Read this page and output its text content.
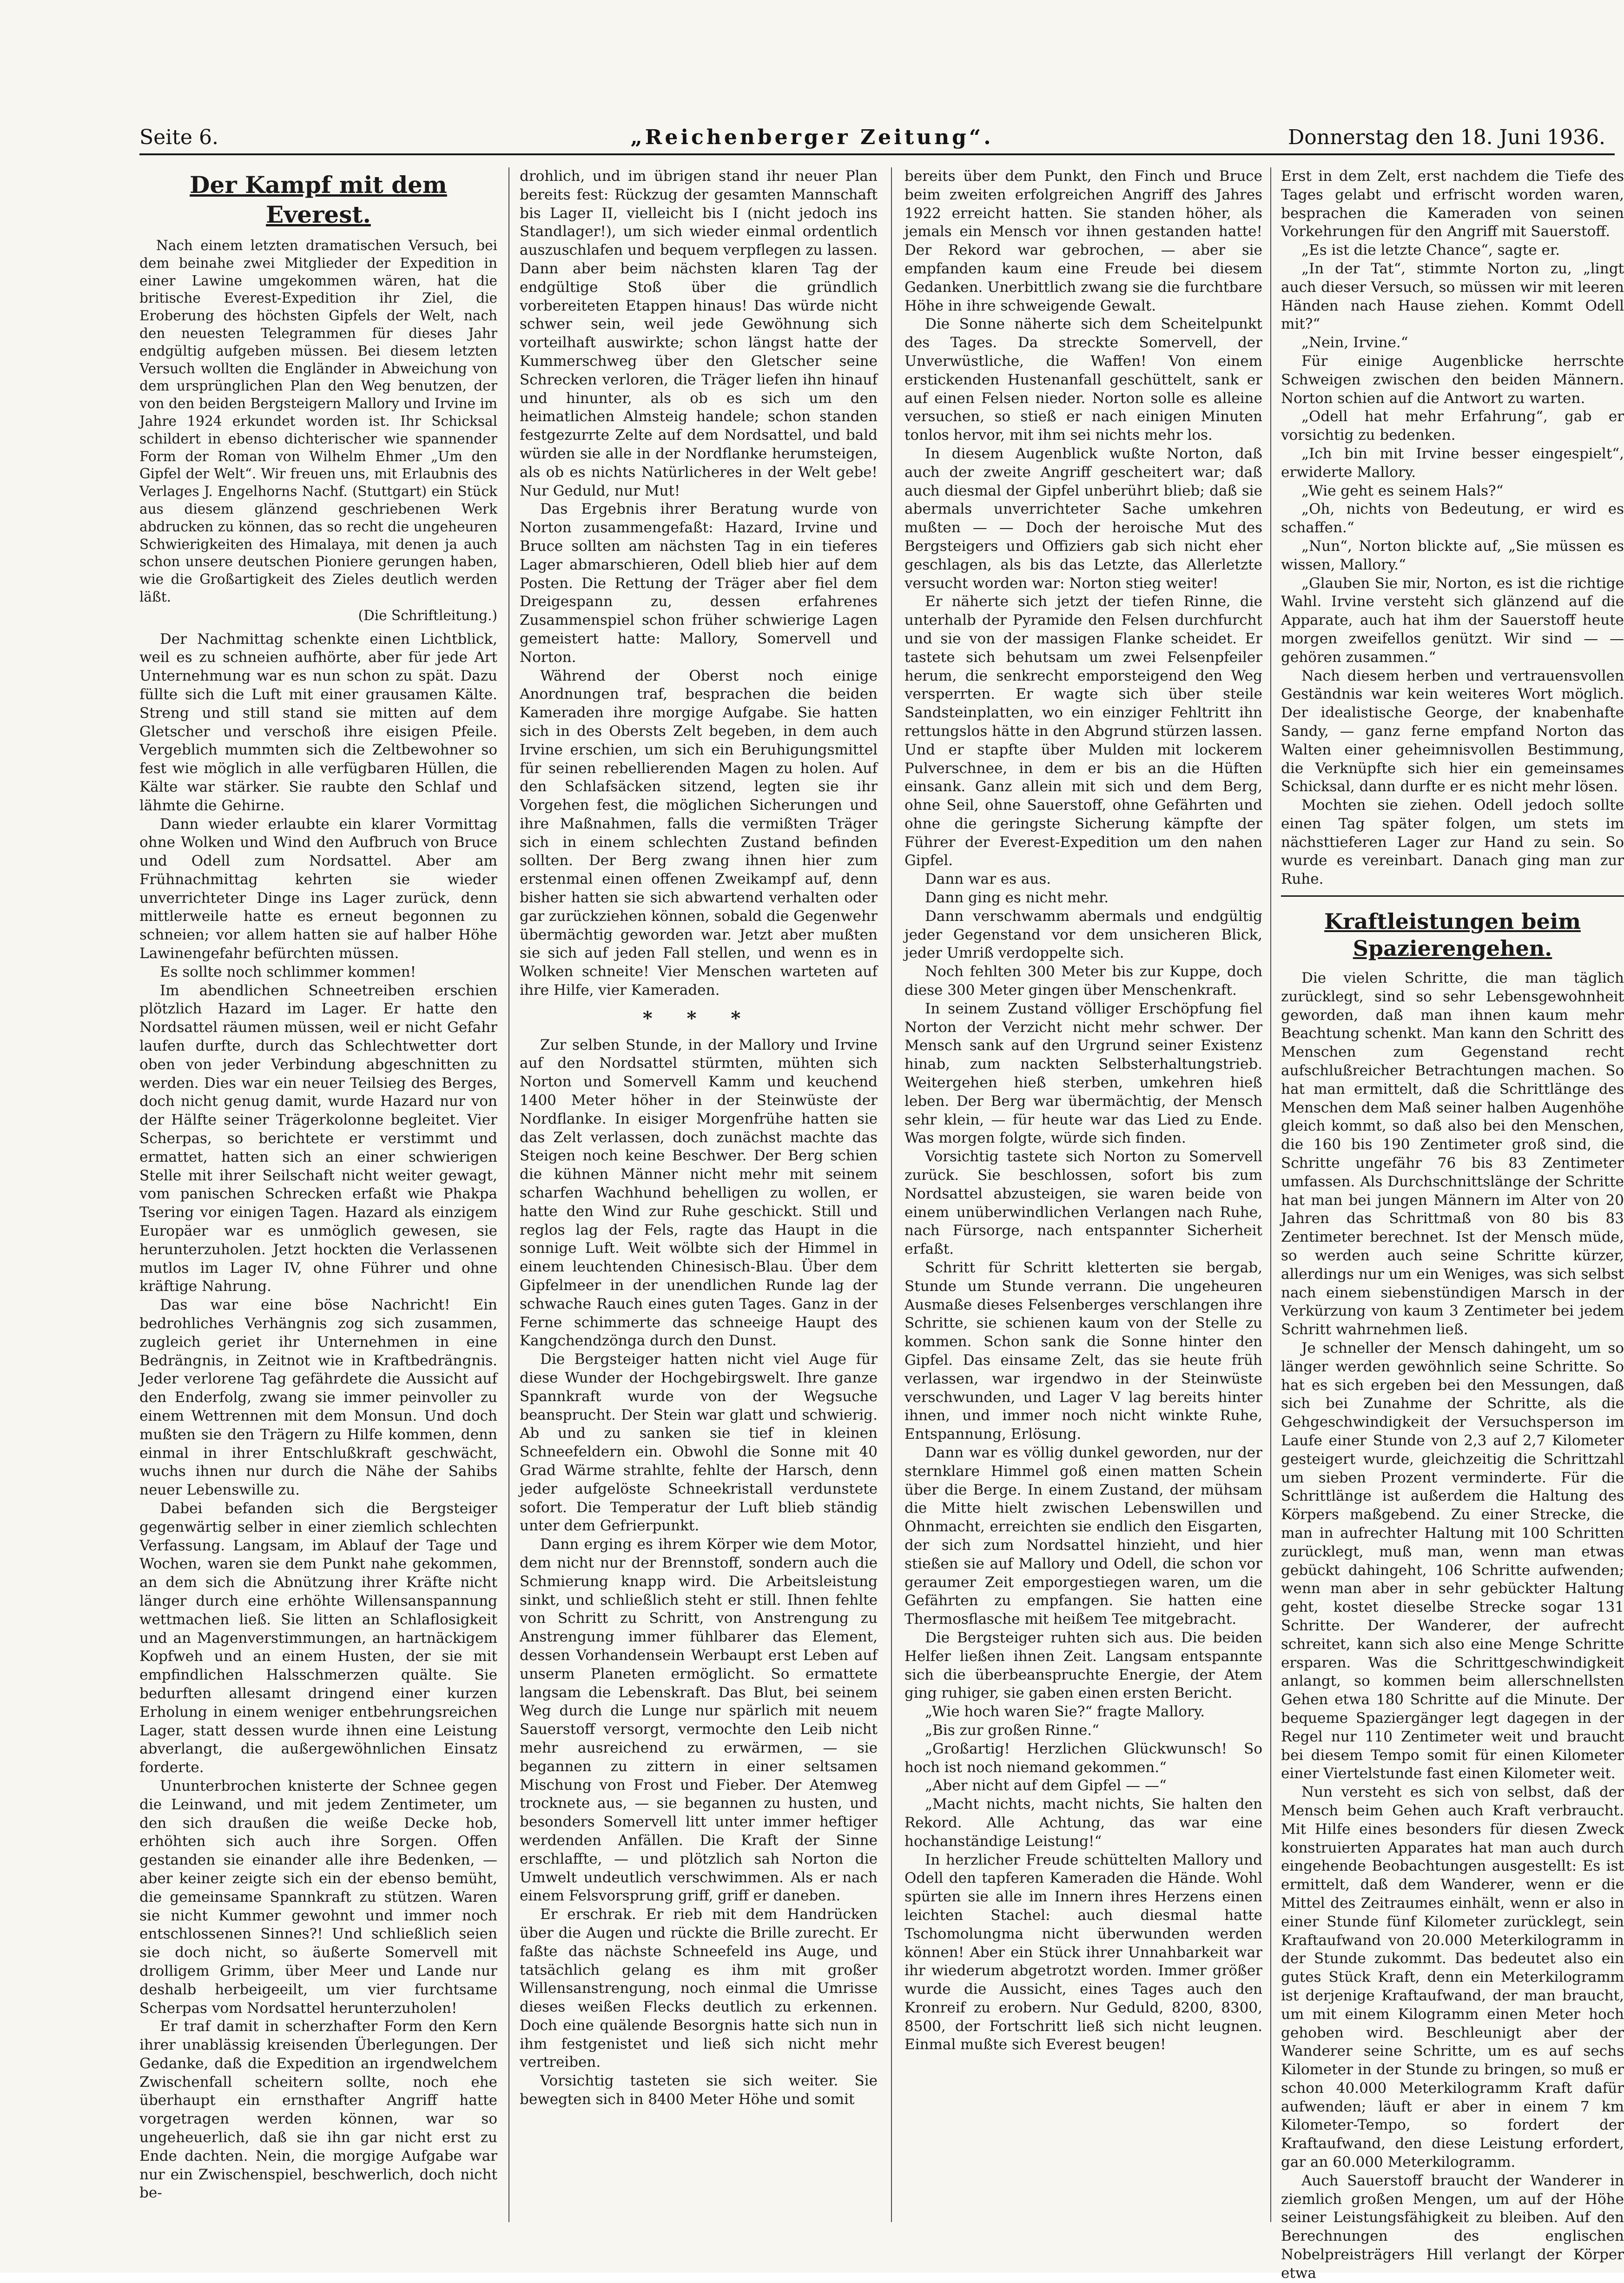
Seite 6.	„Reichenberger Zeitung“.	Donnerstag den 18. Juni 1936.
Der Kampf mit dem Everest.

Nach einem letzten dramatischen Versuch, bei dem beinahe zwei Mitglieder der Expedition in einer Lawine umgekommen wären, hat die britische Everest-Expedition ihr Ziel, die Eroberung des höchsten Gipfels der Welt, nach den neuesten Telegrammen für dieses Jahr endgültig aufgeben müssen. Bei diesem letzten Versuch wollten die Engländer in Abweichung von dem ursprünglichen Plan den Weg benutzen, der von den beiden Bergsteigern Mallory und Irvine im Jahre 1924 erkundet worden ist. Ihr Schicksal schildert in ebenso dichterischer wie spannender Form der Roman von Wilhelm Ehmer „Um den Gipfel der Welt“. Wir freuen uns, mit Erlaubnis des Verlages J. Engelhorns Nachf. (Stuttgart) ein Stück aus diesem glänzend geschriebenen Werk abdrucken zu können, das so recht die ungeheuren Schwierigkeiten des Himalaya, mit denen ja auch schon unsere deutschen Pioniere gerungen haben, wie die Großartigkeit des Zieles deutlich werden läßt.

(Die Schriftleitung.)

Der Nachmittag schenkte einen Lichtblick, weil es zu schneien aufhörte, aber für jede Art Unternehmung war es nun schon zu spät. Dazu füllte sich die Luft mit einer grausamen Kälte. Streng und still stand sie mitten auf dem Gletscher und verschoß ihre eisigen Pfeile. Vergeblich mummten sich die Zeltbewohner so fest wie möglich in alle verfügbaren Hüllen, die Kälte war stärker. Sie raubte den Schlaf und lähmte die Gehirne.

Dann wieder erlaubte ein klarer Vormittag ohne Wolken und Wind den Aufbruch von Bruce und Odell zum Nordsattel. Aber am Frühnachmittag kehrten sie wieder unverrichteter Dinge ins Lager zurück, denn mittlerweile hatte es erneut begonnen zu schneien; vor allem hatten sie auf halber Höhe Lawinengefahr befürchten müssen.

Es sollte noch schlimmer kommen!

Im abendlichen Schneetreiben erschien plötzlich Hazard im Lager. Er hatte den Nordsattel räumen müssen, weil er nicht Gefahr laufen durfte, durch das Schlechtwetter dort oben von jeder Verbindung abgeschnitten zu werden. Dies war ein neuer Teilsieg des Berges, doch nicht genug damit, wurde Hazard nur von der Hälfte seiner Trägerkolonne begleitet. Vier Scherpas, so berichtete er verstimmt und ermattet, hatten sich an einer schwierigen Stelle mit ihrer Seilschaft nicht weiter gewagt, vom panischen Schrecken erfaßt wie Phakpa Tsering vor einigen Tagen. Hazard als einzigem Europäer war es unmöglich gewesen, sie herunterzuholen. Jetzt hockten die Verlassenen mutlos im Lager IV, ohne Führer und ohne kräftige Nahrung.

Das war eine böse Nachricht! Ein bedrohliches Verhängnis zog sich zusammen, zugleich geriet ihr Unternehmen in eine Bedrängnis, in Zeitnot wie in Kraftbedrängnis. Jeder verlorene Tag gefährdete die Aussicht auf den Enderfolg, zwang sie immer peinvoller zu einem Wettrennen mit dem Monsun. Und doch mußten sie den Trägern zu Hilfe kommen, denn einmal in ihrer Entschlußkraft geschwächt, wuchs ihnen nur durch die Nähe der Sahibs neuer Lebenswille zu.

Dabei befanden sich die Bergsteiger gegenwärtig selber in einer ziemlich schlechten Verfassung. Langsam, im Ablauf der Tage und Wochen, waren sie dem Punkt nahe gekommen, an dem sich die Abnützung ihrer Kräfte nicht länger durch eine erhöhte Willensanspannung wettmachen ließ. Sie litten an Schlaflosigkeit und an Magenverstimmungen, an hartnäckigem Kopfweh und an einem Husten, der sie mit empfindlichen Halsschmerzen quälte. Sie bedurften allesamt dringend einer kurzen Erholung in einem weniger entbehrungsreichen Lager, statt dessen wurde ihnen eine Leistung abverlangt, die außergewöhnlichen Einsatz forderte.

Ununterbrochen knisterte der Schnee gegen die Leinwand, und mit jedem Zentimeter, um den sich draußen die weiße Decke hob, erhöhten sich auch ihre Sorgen. Offen gestanden sie einander alle ihre Bedenken, — aber keiner zeigte sich ein der ebenso bemüht, die gemeinsame Spannkraft zu stützen. Waren sie nicht Kummer gewohnt und immer noch entschlossenen Sinnes?! Und schließlich seien sie doch nicht, so äußerte Somervell mit drolligem Grimm, über Meer und Lande nur deshalb herbeigeeilt, um vier furchtsame Scherpas vom Nordsattel herunterzuholen!

Er traf damit in scherzhafter Form den Kern ihrer unablässig kreisenden Überlegungen. Der Gedanke, daß die Expedition an irgendwelchem Zwischenfall scheitern sollte, noch ehe überhaupt ein ernsthafter Angriff hatte vorgetragen werden können, war so ungeheuerlich, daß sie ihn gar nicht erst zu Ende dachten. Nein, die morgige Aufgabe war nur ein Zwischenspiel, beschwerlich, doch nicht be-

drohlich, und im übrigen stand ihr neuer Plan bereits fest: Rückzug der gesamten Mannschaft bis Lager II, vielleicht bis I (nicht jedoch ins Standlager!), um sich wieder einmal ordentlich auszuschlafen und bequem verpflegen zu lassen. Dann aber beim nächsten klaren Tag der endgültige Stoß über die gründlich vorbereiteten Etappen hinaus! Das würde nicht schwer sein, weil jede Gewöhnung sich vorteilhaft auswirkte; schon längst hatte der Kummerschweg über den Gletscher seine Schrecken verloren, die Träger liefen ihn hinauf und hinunter, als ob es sich um den heimatlichen Almsteig handele; schon standen festgezurrte Zelte auf dem Nordsattel, und bald würden sie alle in der Nordflanke herumsteigen, als ob es nichts Natürlicheres in der Welt gebe! Nur Geduld, nur Mut!

Das Ergebnis ihrer Beratung wurde von Norton zusammengefaßt: Hazard, Irvine und Bruce sollten am nächsten Tag in ein tieferes Lager abmarschieren, Odell blieb hier auf dem Posten. Die Rettung der Träger aber fiel dem Dreigespann zu, dessen erfahrenes Zusammenspiel schon früher schwierige Lagen gemeistert hatte: Mallory, Somervell und Norton.

Während der Oberst noch einige Anordnungen traf, besprachen die beiden Kameraden ihre morgige Aufgabe. Sie hatten sich in des Obersts Zelt begeben, in dem auch Irvine erschien, um sich ein Beruhigungsmittel für seinen rebellierenden Magen zu holen. Auf den Schlafsäcken sitzend, legten sie ihr Vorgehen fest, die möglichen Sicherungen und ihre Maßnahmen, falls die vermißten Träger sich in einem schlechten Zustand befinden sollten. Der Berg zwang ihnen hier zum erstenmal einen offenen Zweikampf auf, denn bisher hatten sie sich abwartend verhalten oder gar zurückziehen können, sobald die Gegenwehr übermächtig geworden war. Jetzt aber mußten sie sich auf jeden Fall stellen, und wenn es in Wolken schneite! Vier Menschen warteten auf ihre Hilfe, vier Kameraden.

* * *

Zur selben Stunde, in der Mallory und Irvine auf den Nordsattel stürmten, mühten sich Norton und Somervell Kamm und keuchend 1400 Meter höher in der Steinwüste der Nordflanke. In eisiger Morgenfrühe hatten sie das Zelt verlassen, doch zunächst machte das Steigen noch keine Beschwer. Der Berg schien die kühnen Männer nicht mehr mit seinem scharfen Wachhund behelligen zu wollen, er hatte den Wind zur Ruhe geschickt. Still und reglos lag der Fels, ragte das Haupt in die sonnige Luft. Weit wölbte sich der Himmel in einem leuchtenden Chinesisch-Blau. Über dem Gipfelmeer in der unendlichen Runde lag der schwache Rauch eines guten Tages. Ganz in der Ferne schimmerte das schneeige Haupt des Kangchendzönga durch den Dunst.

Die Bergsteiger hatten nicht viel Auge für diese Wunder der Hochgebirgswelt. Ihre ganze Spannkraft wurde von der Wegsuche beansprucht. Der Stein war glatt und schwierig. Ab und zu sanken sie tief in kleinen Schneefeldern ein. Obwohl die Sonne mit 40 Grad Wärme strahlte, fehlte der Harsch, denn jeder aufgelöste Schneekristall verdunstete sofort. Die Temperatur der Luft blieb ständig unter dem Gefrierpunkt.

Dann erging es ihrem Körper wie dem Motor, dem nicht nur der Brennstoff, sondern auch die Schmierung knapp wird. Die Arbeitsleistung sinkt, und schließlich steht er still. Ihnen fehlte von Schritt zu Schritt, von Anstrengung zu Anstrengung immer fühlbarer das Element, dessen Vorhandensein Werbaupt erst Leben auf unserm Planeten ermöglicht. So ermattete langsam die Lebenskraft. Das Blut, bei seinem Weg durch die Lunge nur spärlich mit neuem Sauerstoff versorgt, vermochte den Leib nicht mehr ausreichend zu erwärmen, — sie begannen zu zittern in einer seltsamen Mischung von Frost und Fieber. Der Atemweg trocknete aus, — sie begannen zu husten, und besonders Somervell litt unter immer heftiger werdenden Anfällen. Die Kraft der Sinne erschlaffte, — und plötzlich sah Norton die Umwelt undeutlich verschwimmen. Als er nach einem Felsvorsprung griff, griff er daneben.

Er erschrak. Er rieb mit dem Handrücken über die Augen und rückte die Brille zurecht. Er faßte das nächste Schneefeld ins Auge, und tatsächlich gelang es ihm mit großer Willensanstrengung, noch einmal die Umrisse dieses weißen Flecks deutlich zu erkennen. Doch eine quälende Besorgnis hatte sich nun in ihm festgenistet und ließ sich nicht mehr vertreiben.

Vorsichtig tasteten sie sich weiter. Sie bewegten sich in 8400 Meter Höhe und somit

bereits über dem Punkt, den Finch und Bruce beim zweiten erfolgreichen Angriff des Jahres 1922 erreicht hatten. Sie standen höher, als jemals ein Mensch vor ihnen gestanden hatte! Der Rekord war gebrochen, — aber sie empfanden kaum eine Freude bei diesem Gedanken. Unerbittlich zwang sie die furchtbare Höhe in ihre schweigende Gewalt.

Die Sonne näherte sich dem Scheitelpunkt des Tages. Da streckte Somervell, der Unverwüstliche, die Waffen! Von einem erstickenden Hustenanfall geschüttelt, sank er auf einen Felsen nieder. Norton solle es alleine versuchen, so stieß er nach einigen Minuten tonlos hervor, mit ihm sei nichts mehr los.

In diesem Augenblick wußte Norton, daß auch der zweite Angriff gescheitert war; daß auch diesmal der Gipfel unberührt blieb; daß sie abermals unverrichteter Sache umkehren mußten — — Doch der heroische Mut des Bergsteigers und Offiziers gab sich nicht eher geschlagen, als bis das Letzte, das Allerletzte versucht worden war: Norton stieg weiter!

Er näherte sich jetzt der tiefen Rinne, die unterhalb der Pyramide den Felsen durchfurcht und sie von der massigen Flanke scheidet. Er tastete sich behutsam um zwei Felsenpfeiler herum, die senkrecht emporsteigend den Weg versperrten. Er wagte sich über steile Sandsteinplatten, wo ein einziger Fehltritt ihn rettungslos hätte in den Abgrund stürzen lassen. Und er stapfte über Mulden mit lockerem Pulverschnee, in dem er bis an die Hüften einsank. Ganz allein mit sich und dem Berg, ohne Seil, ohne Sauerstoff, ohne Gefährten und ohne die geringste Sicherung kämpfte der Führer der Everest-Expedition um den nahen Gipfel.

Dann war es aus.

Dann ging es nicht mehr.

Dann verschwamm abermals und endgültig jeder Gegenstand vor dem unsicheren Blick, jeder Umriß verdoppelte sich.

Noch fehlten 300 Meter bis zur Kuppe, doch diese 300 Meter gingen über Menschenkraft.

In seinem Zustand völliger Erschöpfung fiel Norton der Verzicht nicht mehr schwer. Der Mensch sank auf den Urgrund seiner Existenz hinab, zum nackten Selbsterhaltungstrieb. Weitergehen hieß sterben, umkehren hieß leben. Der Berg war übermächtig, der Mensch sehr klein, — für heute war das Lied zu Ende. Was morgen folgte, würde sich finden.

Vorsichtig tastete sich Norton zu Somervell zurück. Sie beschlossen, sofort bis zum Nordsattel abzusteigen, sie waren beide von einem unüberwindlichen Verlangen nach Ruhe, nach Fürsorge, nach entspannter Sicherheit erfaßt.

Schritt für Schritt kletterten sie bergab, Stunde um Stunde verrann. Die ungeheuren Ausmaße dieses Felsenberges verschlangen ihre Schritte, sie schienen kaum von der Stelle zu kommen. Schon sank die Sonne hinter den Gipfel. Das einsame Zelt, das sie heute früh verlassen, war irgendwo in der Steinwüste verschwunden, und Lager V lag bereits hinter ihnen, und immer noch nicht winkte Ruhe, Entspannung, Erlösung.

Dann war es völlig dunkel geworden, nur der sternklare Himmel goß einen matten Schein über die Berge. In einem Zustand, der mühsam die Mitte hielt zwischen Lebenswillen und Ohnmacht, erreichten sie endlich den Eisgarten, der sich zum Nordsattel hinzieht, und hier stießen sie auf Mallory und Odell, die schon vor geraumer Zeit emporgestiegen waren, um die Gefährten zu empfangen. Sie hatten eine Thermosflasche mit heißem Tee mitgebracht.

Die Bergsteiger ruhten sich aus. Die beiden Helfer ließen ihnen Zeit. Langsam entspannte sich die überbeanspruchte Energie, der Atem ging ruhiger, sie gaben einen ersten Bericht.

„Wie hoch waren Sie?“ fragte Mallory.

„Bis zur großen Rinne.“

„Großartig! Herzlichen Glückwunsch! So hoch ist noch niemand gekommen.“

„Aber nicht auf dem Gipfel — —“

„Macht nichts, macht nichts, Sie halten den Rekord. Alle Achtung, das war eine hochanständige Leistung!“

In herzlicher Freude schüttelten Mallory und Odell den tapferen Kameraden die Hände. Wohl spürten sie alle im Innern ihres Herzens einen leichten Stachel: auch diesmal hatte Tschomolungma nicht überwunden werden können! Aber ein Stück ihrer Unnahbarkeit war ihr wiederum abgetrotzt worden. Immer größer wurde die Aussicht, eines Tages auch den Kronreif zu erobern. Nur Geduld, 8200, 8300, 8500, der Fortschritt ließ sich nicht leugnen. Einmal mußte sich Everest beugen!

Erst in dem Zelt, erst nachdem die Tiefe des Tages gelabt und erfrischt worden waren, besprachen die Kameraden von seinen Vorkehrungen für den Angriff mit Sauerstoff.

„Es ist die letzte Chance“, sagte er.

„In der Tat“, stimmte Norton zu, „lingt auch dieser Versuch, so müssen wir mit leeren Händen nach Hause ziehen. Kommt Odell mit?“

„Nein, Irvine.“

Für einige Augenblicke herrschte Schweigen zwischen den beiden Männern. Norton schien auf die Antwort zu warten.

„Odell hat mehr Erfahrung“, gab er vorsichtig zu bedenken.

„Ich bin mit Irvine besser eingespielt“, erwiderte Mallory.

„Wie geht es seinem Hals?“

„Oh, nichts von Bedeutung, er wird es schaffen.“

„Nun“, Norton blickte auf, „Sie müssen es wissen, Mallory.“

„Glauben Sie mir, Norton, es ist die richtige Wahl. Irvine versteht sich glänzend auf die Apparate, auch hat ihm der Sauerstoff heute morgen zweifellos genützt. Wir sind — — gehören zusammen.“

Nach diesem herben und vertrauensvollen Geständnis war kein weiteres Wort möglich. Der idealistische George, der knabenhafte Sandy, — ganz ferne empfand Norton das Walten einer geheimnisvollen Bestimmung, die Verknüpfte sich hier ein gemeinsames Schicksal, dann durfte er es nicht mehr lösen.

Mochten sie ziehen. Odell jedoch sollte einen Tag später folgen, um stets im nächsttieferen Lager zur Hand zu sein. So wurde es vereinbart. Danach ging man zur Ruhe.

Kraftleistungen beim Spazierengehen.

Die vielen Schritte, die man täglich zurücklegt, sind so sehr Lebensgewohnheit geworden, daß man ihnen kaum mehr Beachtung schenkt. Man kann den Schritt des Menschen zum Gegenstand recht aufschlußreicher Betrachtungen machen. So hat man ermittelt, daß die Schrittlänge des Menschen dem Maß seiner halben Augenhöhe gleich kommt, so daß also bei den Menschen, die 160 bis 190 Zentimeter groß sind, die Schritte ungefähr 76 bis 83 Zentimeter umfassen. Als Durchschnittslänge der Schritte hat man bei jungen Männern im Alter von 20 Jahren das Schrittmaß von 80 bis 83 Zentimeter berechnet. Ist der Mensch müde, so werden auch seine Schritte kürzer, allerdings nur um ein Weniges, was sich selbst nach einem siebenstündigen Marsch in der Verkürzung von kaum 3 Zentimeter bei jedem Schritt wahrnehmen ließ.

Je schneller der Mensch dahingeht, um so länger werden gewöhnlich seine Schritte. So hat es sich ergeben bei den Messungen, daß sich bei Zunahme der Schritte, als die Gehgeschwindigkeit der Versuchsperson im Laufe einer Stunde von 2,3 auf 2,7 Kilometer gesteigert wurde, gleichzeitig die Schrittzahl um sieben Prozent verminderte. Für die Schrittlänge ist außerdem die Haltung des Körpers maßgebend. Zu einer Strecke, die man in aufrechter Haltung mit 100 Schritten zurücklegt, muß man, wenn man etwas gebückt dahingeht, 106 Schritte aufwenden; wenn man aber in sehr gebückter Haltung geht, kostet dieselbe Strecke sogar 131 Schritte. Der Wanderer, der aufrecht schreitet, kann sich also eine Menge Schritte ersparen. Was die Schrittgeschwindigkeit anlangt, so kommen beim allerschnellsten Gehen etwa 180 Schritte auf die Minute. Der bequeme Spaziergänger legt dagegen in der Regel nur 110 Zentimeter weit und braucht bei diesem Tempo somit für einen Kilometer einer Viertelstunde fast einen Kilometer weit.

Nun versteht es sich von selbst, daß der Mensch beim Gehen auch Kraft verbraucht. Mit Hilfe eines besonders für diesen Zweck konstruierten Apparates hat man auch durch eingehende Beobachtungen ausgestellt: Es ist ermittelt, daß dem Wanderer, wenn er die Mittel des Zeitraumes einhält, wenn er also in einer Stunde fünf Kilometer zurücklegt, sein Kraftaufwand von 20.000 Meterkilogramm in der Stunde zukommt. Das bedeutet also ein gutes Stück Kraft, denn ein Meterkilogramm ist derjenige Kraftaufwand, der man braucht, um mit einem Kilogramm einen Meter hoch gehoben wird. Beschleunigt aber der Wanderer seine Schritte, um es auf sechs Kilometer in der Stunde zu bringen, so muß er schon 40.000 Meterkilogramm Kraft dafür aufwenden; läuft er aber in einem 7 km Kilometer-Tempo, so fordert der Kraftaufwand, den diese Leistung erfordert, gar an 60.000 Meterkilogramm.

Auch Sauerstoff braucht der Wanderer in ziemlich großen Mengen, um auf der Höhe seiner Leistungsfähigkeit zu bleiben. Auf den Berechnungen des englischen Nobelpreisträgers Hill verlangt der Körper etwa
